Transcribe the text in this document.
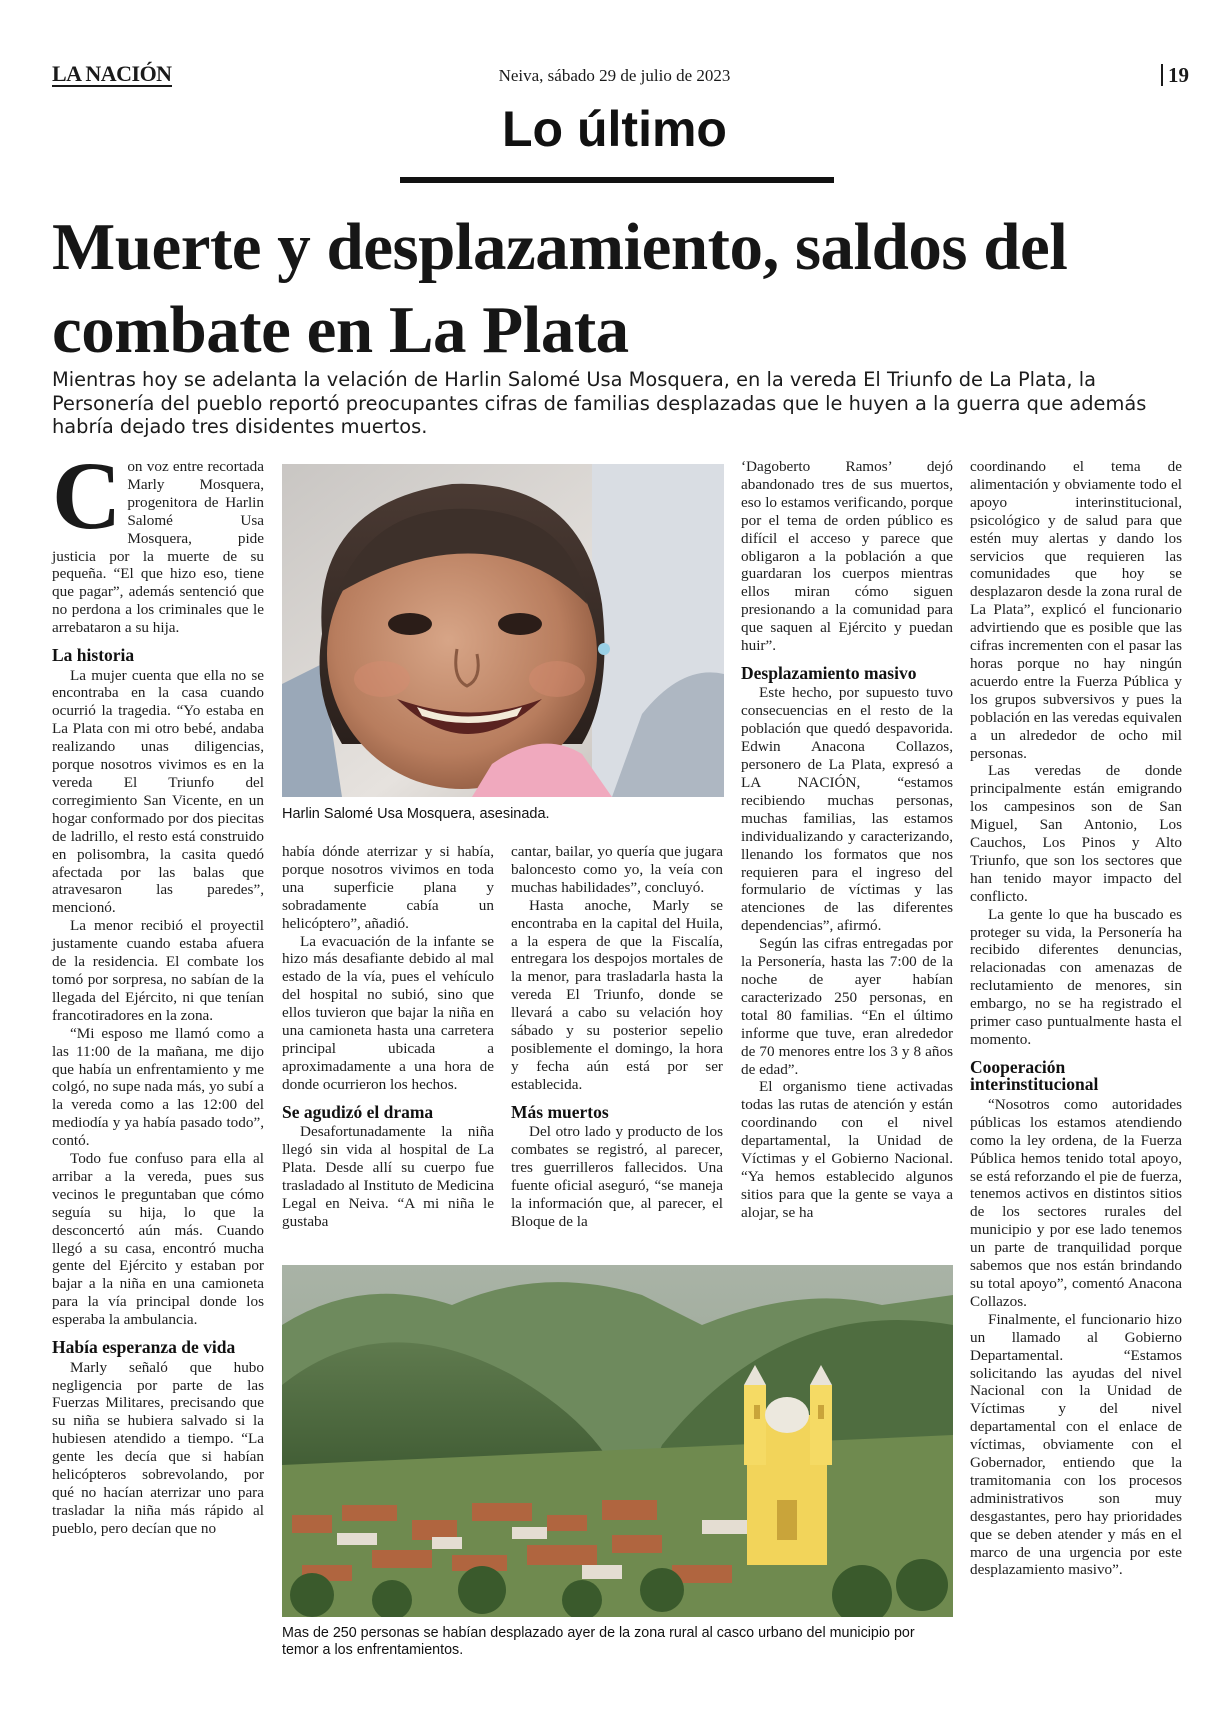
LA NACIÓN	Neiva, sábado 29 de julio de 2023	19
Lo último
Muerte y desplazamiento, saldos del combate en La Plata
Mientras hoy se adelanta la velación de Harlin Salomé Usa Mosquera, en la vereda El Triunfo de La Plata, la Personería del pueblo reportó preocupantes cifras de familias desplazadas que le huyen a la guerra que además habría dejado tres disidentes muertos.

Con voz entre recortada Marly Mosquera, progenitora de Harlin Salomé Usa Mosquera, pide justicia por la muerte de su pequeña. “El que hizo eso, tiene que pagar”, además sentenció que no perdona a los criminales que le arrebataron a su hija.

La historia

La mujer cuenta que ella no se encontraba en la casa cuando ocurrió la tragedia. “Yo estaba en La Plata con mi otro bebé, andaba realizando unas diligencias, porque nosotros vivimos es en la vereda El Triunfo del corregimiento San Vicente, en un hogar conformado por dos piecitas de ladrillo, el resto está construido en polisombra, la casita quedó afectada por las balas que atravesaron las paredes”, mencionó.

La menor recibió el proyectil justamente cuando estaba afuera de la residencia. El combate los tomó por sorpresa, no sabían de la llegada del Ejército, ni que tenían francotiradores en la zona.

“Mi esposo me llamó como a las 11:00 de la mañana, me dijo que había un enfrentamiento y me colgó, no supe nada más, yo subí a la vereda como a las 12:00 del mediodía y ya había pasado todo”, contó.

Todo fue confuso para ella al arribar a la vereda, pues sus vecinos le preguntaban que cómo seguía su hija, lo que la desconcertó aún más. Cuando llegó a su casa, encontró mucha gente del Ejército y estaban por bajar a la niña en una camioneta para la vía principal donde los esperaba la ambulancia.

Había esperanza de vida

Marly señaló que hubo negligencia por parte de las Fuerzas Militares, precisando que su niña se hubiera salvado si la hubiesen atendido a tiempo. “La gente les decía que si habían helicópteros sobrevolando, por qué no hacían aterrizar uno para trasladar la niña más rápido al pueblo, pero decían que no

Harlin Salomé Usa Mosquera, asesinada.

había dónde aterrizar y si había, porque nosotros vivimos en toda una superficie plana y sobradamente cabía un helicóptero”, añadió.

La evacuación de la infante se hizo más desafiante debido al mal estado de la vía, pues el vehículo del hospital no subió, sino que ellos tuvieron que bajar la niña en una camioneta hasta una carretera principal ubicada a aproximadamente a una hora de donde ocurrieron los hechos.

Se agudizó el drama

Desafortunadamente la niña llegó sin vida al hospital de La Plata. Desde allí su cuerpo fue trasladado al Instituto de Medicina Legal en Neiva. “A mi niña le gustaba

cantar, bailar, yo quería que jugara baloncesto como yo, la veía con muchas habilidades”, concluyó.

Hasta anoche, Marly se encontraba en la capital del Huila, a la espera de que la Fiscalía, entregara los despojos mortales de la menor, para trasladarla hasta la vereda El Triunfo, donde se llevará a cabo su velación hoy sábado y su posterior sepelio posiblemente el domingo, la hora y fecha aún está por ser establecida.

Más muertos

Del otro lado y producto de los combates se registró, al parecer, tres guerrilleros fallecidos. Una fuente oficial aseguró, “se maneja la información que, al parecer, el Bloque de la

‘Dagoberto Ramos’ dejó abandonado tres de sus muertos, eso lo estamos verificando, porque por el tema de orden público es difícil el acceso y parece que obligaron a la población a que guardaran los cuerpos mientras ellos miran cómo siguen presionando a la comunidad para que saquen al Ejército y puedan huir”.

Desplazamiento masivo

Este hecho, por supuesto tuvo consecuencias en el resto de la población que quedó despavorida. Edwin Anacona Collazos, personero de La Plata, expresó a LA NACIÓN, “estamos recibiendo muchas personas, muchas familias, las estamos individualizando y caracterizando, llenando los formatos que nos requieren para el ingreso del formulario de víctimas y las atenciones de las diferentes dependencias”, afirmó.

Según las cifras entregadas por la Personería, hasta las 7:00 de la noche de ayer habían caracterizado 250 personas, en total 80 familias. “En el último informe que tuve, eran alrededor de 70 menores entre los 3 y 8 años de edad”.

El organismo tiene activadas todas las rutas de atención y están coordinando con el nivel departamental, la Unidad de Víctimas y el Gobierno Nacional. “Ya hemos establecido algunos sitios para que la gente se vaya a alojar, se ha

coordinando el tema de alimentación y obviamente todo el apoyo interinstitucional, psicológico y de salud para que estén muy alertas y dando los servicios que requieren las comunidades que hoy se desplazaron desde la zona rural de La Plata”, explicó el funcionario advirtiendo que es posible que las cifras incrementen con el pasar las horas porque no hay ningún acuerdo entre la Fuerza Pública y los grupos subversivos y pues la población en las veredas equivalen a un alrededor de ocho mil personas.

Las veredas de donde principalmente están emigrando los campesinos son de San Miguel, San Antonio, Los Cauchos, Los Pinos y Alto Triunfo, que son los sectores que han tenido mayor impacto del conflicto.

La gente lo que ha buscado es proteger su vida, la Personería ha recibido diferentes denuncias, relacionadas con amenazas de reclutamiento de menores, sin embargo, no se ha registrado el primer caso puntualmente hasta el momento.

Cooperación interinstitucional

“Nosotros como autoridades públicas los estamos atendiendo como la ley ordena, de la Fuerza Pública hemos tenido total apoyo, se está reforzando el pie de fuerza, tenemos activos en distintos sitios de los sectores rurales del municipio y por ese lado tenemos un parte de tranquilidad porque sabemos que nos están brindando su total apoyo”, comentó Anacona Collazos.

Finalmente, el funcionario hizo un llamado al Gobierno Departamental. “Estamos solicitando las ayudas del nivel Nacional con la Unidad de Víctimas y del nivel departamental con el enlace de víctimas, obviamente con el Gobernador, entiendo que la tramitomania con los procesos administrativos son muy desgastantes, pero hay prioridades que se deben atender y más en el marco de una urgencia por este desplazamiento masivo”.

Mas de 250 personas se habían desplazado ayer de la zona rural al casco urbano del municipio por temor a los enfrentamientos.
